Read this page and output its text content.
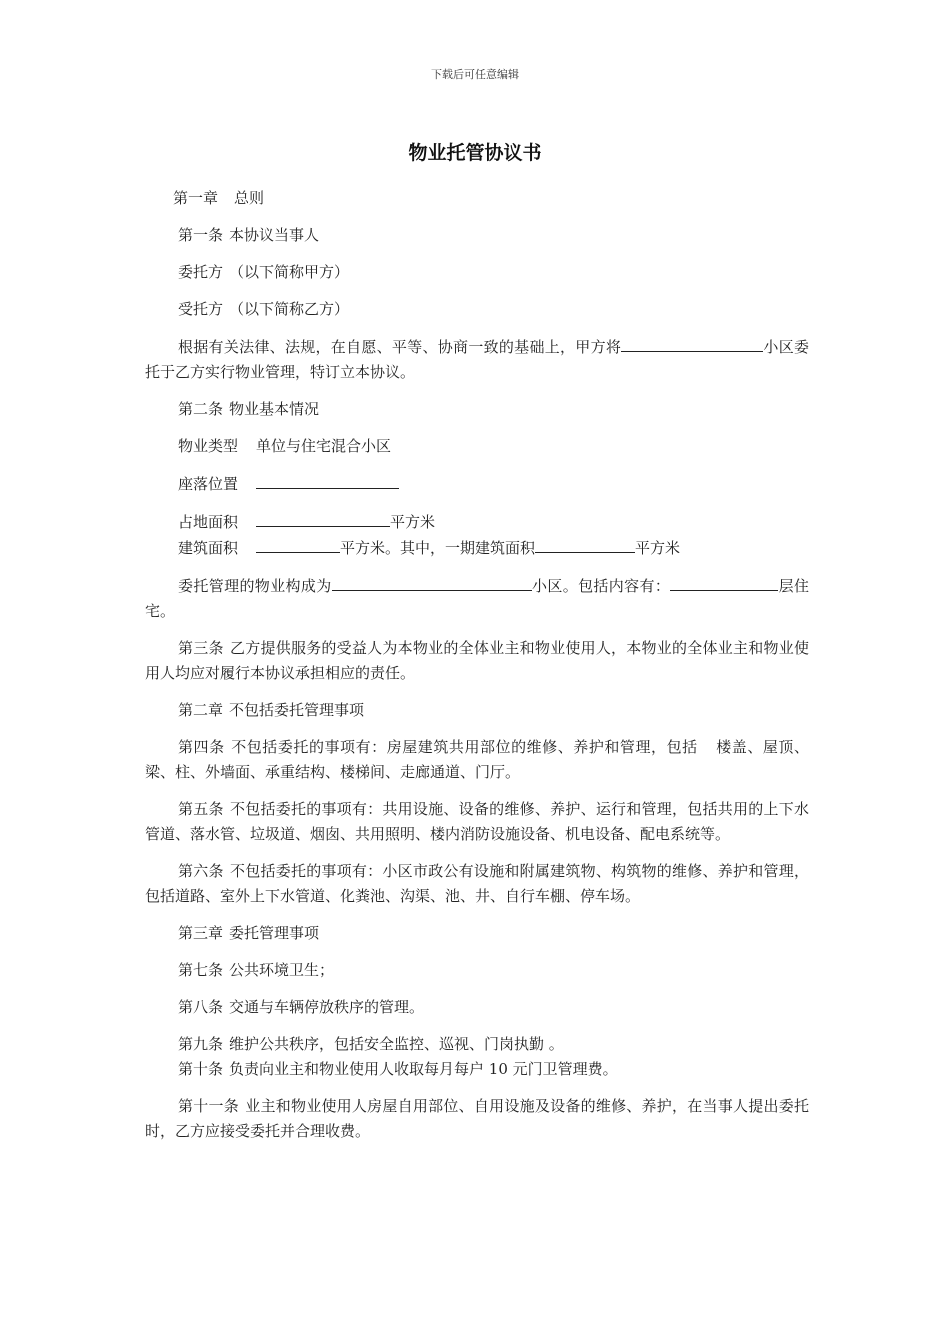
下载后可任意编辑
物业托管协议书

第一章 总则

第一条 本协议当事人

委托方 （以下简称甲方）

受托方 （以下简称乙方）

根据有关法律、法规，在自愿、平等、协商一致的基础上，甲方将	小区委托于乙方实行物业管理，特订立本协议。

第二条 物业基本情况

物业类型 单位与住宅混合小区

座落位置

占地面积	平方米

建筑面积	平方米。其中，一期建筑面积	平方米

委托管理的物业构成为	小区。包括内容有：	层住宅。

第三条 乙方提供服务的受益人为本物业的全体业主和物业使用人，本物业的全体业主和物业使用人均应对履行本协议承担相应的责任。

第二章 不包括委托管理事项

第四条 不包括委托的事项有：房屋建筑共用部位的维修、养护和管理，包括 楼盖、屋顶、梁、柱、外墙面、承重结构、楼梯间、走廊通道、门厅。

第五条 不包括委托的事项有：共用设施、设备的维修、养护、运行和管理，包括共用的上下水管道、落水管、垃圾道、烟囱、共用照明、楼内消防设施设备、机电设备、配电系统等。

第六条 不包括委托的事项有：小区市政公有设施和附属建筑物、构筑物的维修、养护和管理，包括道路、室外上下水管道、化粪池、沟渠、池、井、自行车棚、停车场。

第三章 委托管理事项

第七条 公共环境卫生；

第八条 交通与车辆停放秩序的管理。

第九条 维护公共秩序，包括安全监控、巡视、门岗执勤 。

第十条 负责向业主和物业使用人收取每月每户 10 元门卫管理费。

第十一条 业主和物业使用人房屋自用部位、自用设施及设备的维修、养护，在当事人提出委托时，乙方应接受委托并合理收费。
